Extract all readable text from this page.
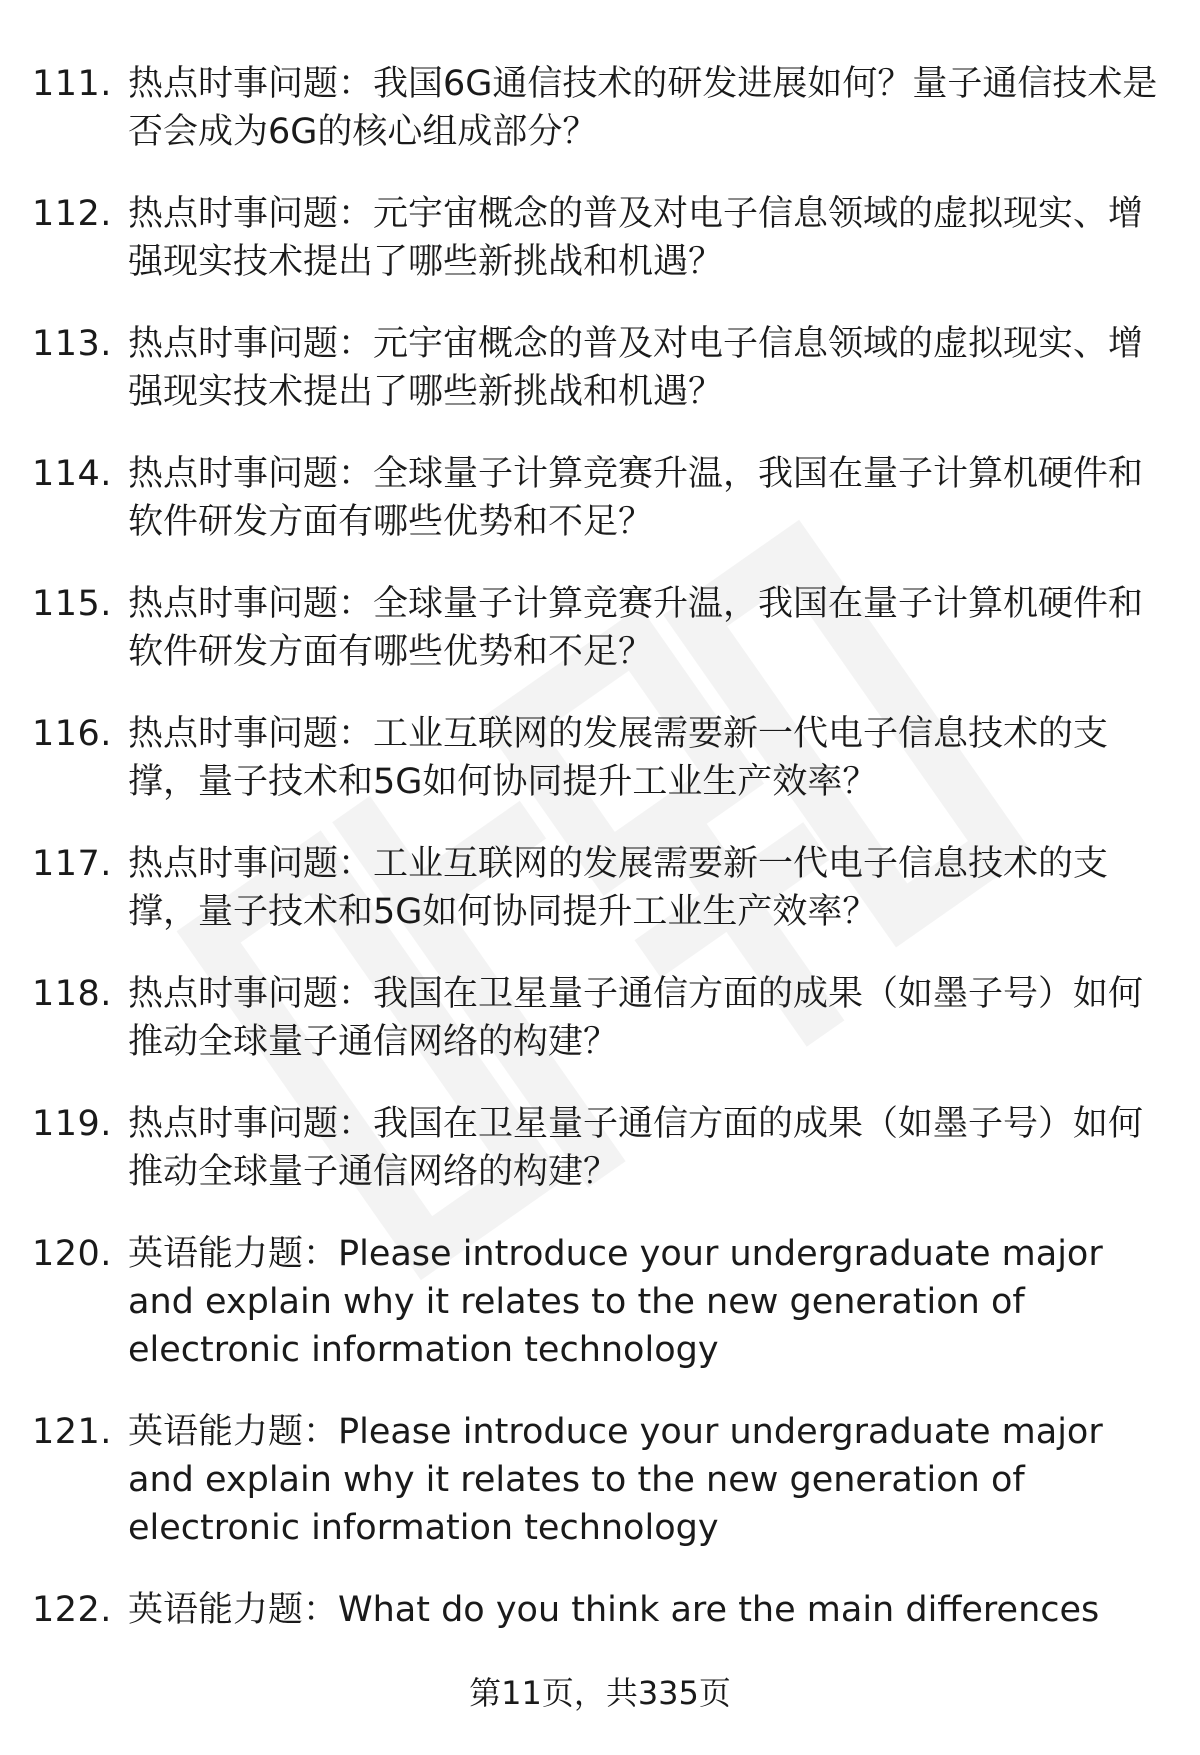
111. 热点时事问题：我国6G通信技术的研发进展如何？量子通信技术是否会成为6G的核心组成部分？
112. 热点时事问题：元宇宙概念的普及对电子信息领域的虚拟现实、增强现实技术提出了哪些新挑战和机遇？
113. 热点时事问题：元宇宙概念的普及对电子信息领域的虚拟现实、增强现实技术提出了哪些新挑战和机遇？
114. 热点时事问题：全球量子计算竞赛升温，我国在量子计算机硬件和软件研发方面有哪些优势和不足？
115. 热点时事问题：全球量子计算竞赛升温，我国在量子计算机硬件和软件研发方面有哪些优势和不足？
116. 热点时事问题：工业互联网的发展需要新一代电子信息技术的支撑，量子技术和5G如何协同提升工业生产效率？
117. 热点时事问题：工业互联网的发展需要新一代电子信息技术的支撑，量子技术和5G如何协同提升工业生产效率？
118. 热点时事问题：我国在卫星量子通信方面的成果（如墨子号）如何推动全球量子通信网络的构建？
119. 热点时事问题：我国在卫星量子通信方面的成果（如墨子号）如何推动全球量子通信网络的构建？
120. 英语能力题：Please introduce your undergraduate major and explain why it relates to the new generation of electronic information technology
121. 英语能力题：Please introduce your undergraduate major and explain why it relates to the new generation of electronic information technology
122. 英语能力题：What do you think are the main differences
第11页，共335页
